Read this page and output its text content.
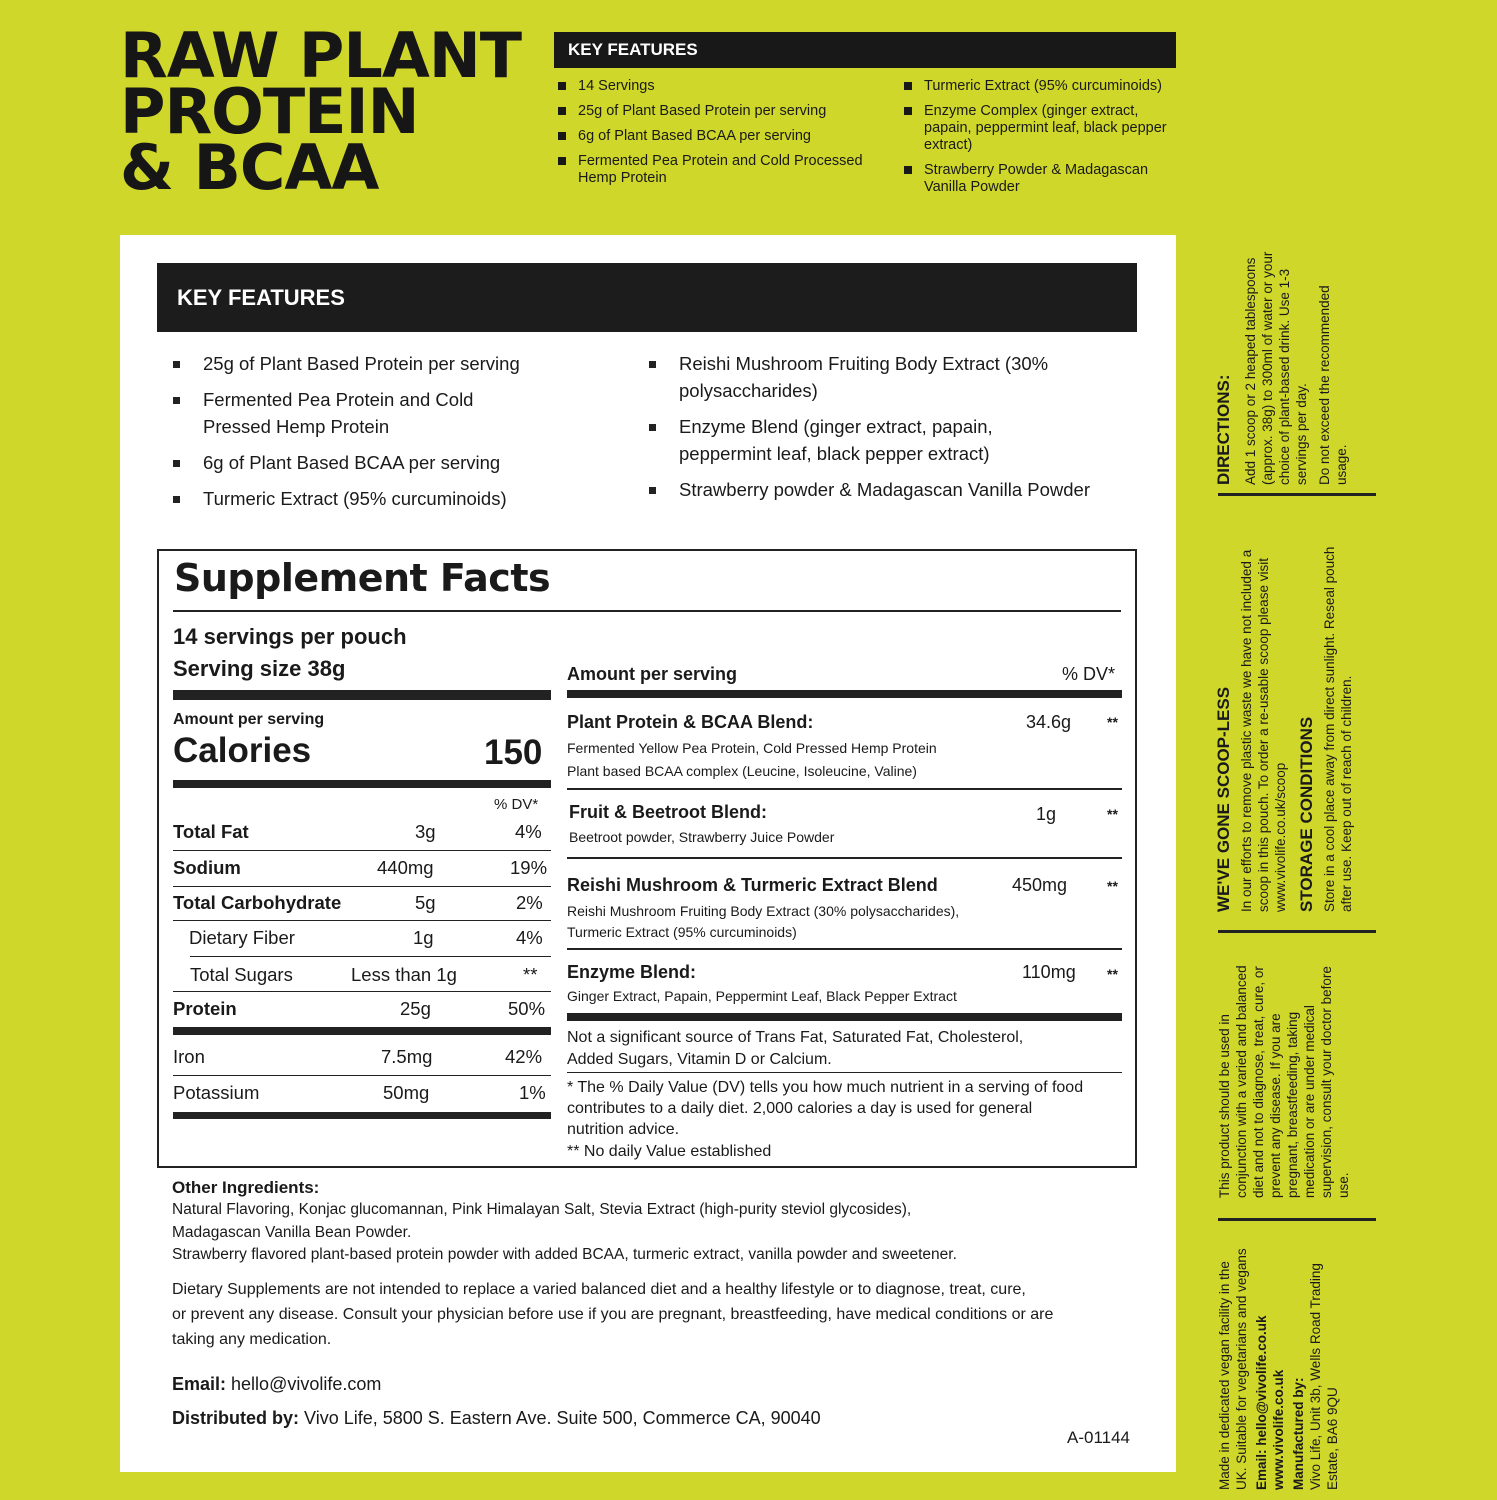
RAW PLANT
PROTEIN
& BCAA
KEY FEATURES
14 Servings
25g of Plant Based Protein per serving
6g of Plant Based BCAA per serving
Fermented Pea Protein and Cold Processed Hemp Protein
Turmeric Extract (95% curcuminoids)
Enzyme Complex (ginger extract, papain, peppermint leaf, black pepper extract)
Strawberry Powder & Madagascan Vanilla Powder
KEY FEATURES
25g of Plant Based Protein per serving
Fermented Pea Protein and Cold Pressed Hemp Protein
6g of Plant Based BCAA per serving
Turmeric Extract (95% curcuminoids)
Reishi Mushroom Fruiting Body Extract (30% polysaccharides)
Enzyme Blend (ginger extract, papain, peppermint leaf, black pepper extract)
Strawberry powder & Madagascan Vanilla Powder
Supplement Facts
14 servings per pouch
Serving size 38g
Amount per serving
Calories	150
% DV*
Total Fat	3g	4%
Sodium	440mg	19%
Total Carbohydrate	5g	2%
Dietary Fiber	1g	4%
Total Sugars	Less than 1g	**
Protein	25g	50%
Iron	7.5mg	42%
Potassium	50mg	1%
Amount per serving	% DV*
Plant Protein & BCAA Blend:	34.6g	**
Fermented Yellow Pea Protein, Cold Pressed Hemp Protein
Plant based BCAA complex (Leucine, Isoleucine, Valine)
Fruit & Beetroot Blend:	1g	**
Beetroot powder, Strawberry Juice Powder
Reishi Mushroom & Turmeric Extract Blend	450mg	**
Reishi Mushroom Fruiting Body Extract (30% polysaccharides),
Turmeric Extract (95% curcuminoids)
Enzyme Blend:	110mg **
Ginger Extract, Papain, Peppermint Leaf, Black Pepper Extract
Not a significant source of Trans Fat, Saturated Fat, Cholesterol,
Added Sugars, Vitamin D or Calcium.
* The % Daily Value (DV) tells you how much nutrient in a serving of food
contributes to a daily diet. 2,000 calories a day is used for general
nutrition advice.
** No daily Value established
Other Ingredients:
Natural Flavoring, Konjac glucomannan, Pink Himalayan Salt, Stevia Extract (high-purity steviol glycosides),
Madagascan Vanilla Bean Powder.
Strawberry flavored plant-based protein powder with added BCAA, turmeric extract, vanilla powder and sweetener.
Dietary Supplements are not intended to replace a varied balanced diet and a healthy lifestyle or to diagnose, treat, cure,
or prevent any disease. Consult your physician before use if you are pregnant, breastfeeding, have medical conditions or are
taking any medication.
Email: hello@vivolife.com
Distributed by: Vivo Life, 5800 S. Eastern Ave. Suite 500, Commerce CA, 90040
A-01144
DIRECTIONS: Add 1 scoop or 2 heaped tablespoons (approx. 38g) to 300ml of water or your choice of plant-based drink. Use 1-3 servings per day. Do not exceed the recommended usage.
WE'VE GONE SCOOP-LESS In our efforts to remove plastic waste we have not included a scoop in this pouch. To order a re-usable scoop please visit www.vivolife.co.uk/scoop STORAGE CONDITIONS Store in a cool place away from direct sunlight. Reseal pouch after use. Keep out of reach of children.
This product should be used in conjunction with a varied and balanced diet and not to diagnose, treat, cure, or prevent any disease. If you are pregnant, breastfeeding, taking medication or are under medical supervision, consult your doctor before use.
Made in dedicated vegan facility in the UK. Suitable for vegetarians and vegans Email: hello@vivolife.co.uk www.vivolife.co.uk Manufactured by: Vivo Life, Unit 3b, Wells Road Trading Estate, BA6 9QU
